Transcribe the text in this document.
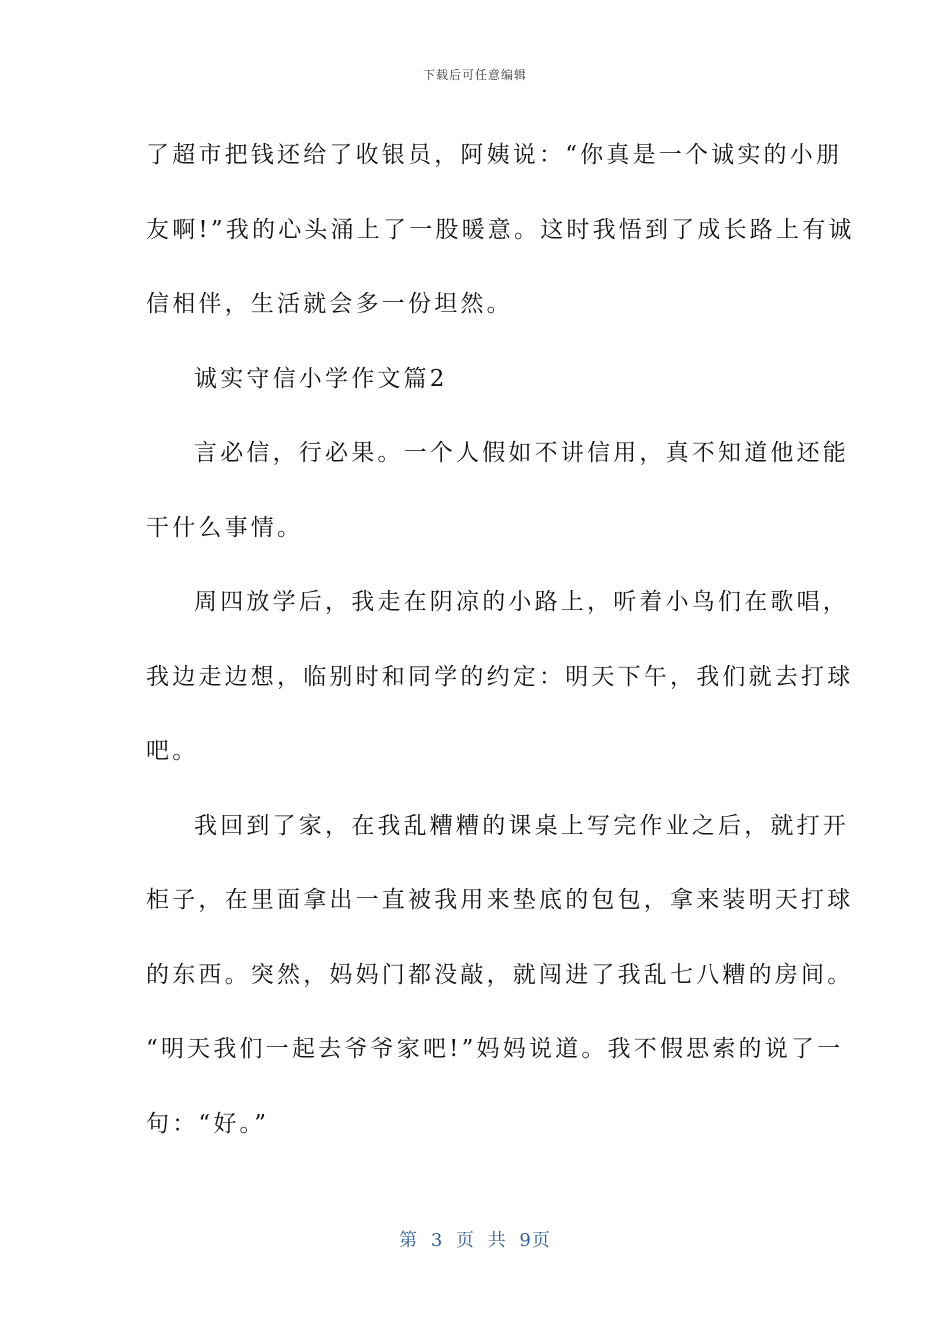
下载后可任意编辑

了超市把钱还给了收银员，阿姨说：“你真是一个诚实的小朋

友啊!”我的心头涌上了一股暖意。这时我悟到了成长路上有诚

信相伴，生活就会多一份坦然。

诚实守信小学作文篇2

言必信，行必果。一个人假如不讲信用，真不知道他还能

干什么事情。

周四放学后，我走在阴凉的小路上，听着小鸟们在歌唱，

我边走边想，临别时和同学的约定：明天下午，我们就去打球

吧。

我回到了家，在我乱糟糟的课桌上写完作业之后，就打开

柜子，在里面拿出一直被我用来垫底的包包，拿来装明天打球

的东西。突然，妈妈门都没敲，就闯进了我乱七八糟的房间。

“明天我们一起去爷爷家吧!”妈妈说道。我不假思索的说了一

句：“好。”

第 3 页 共 9页
